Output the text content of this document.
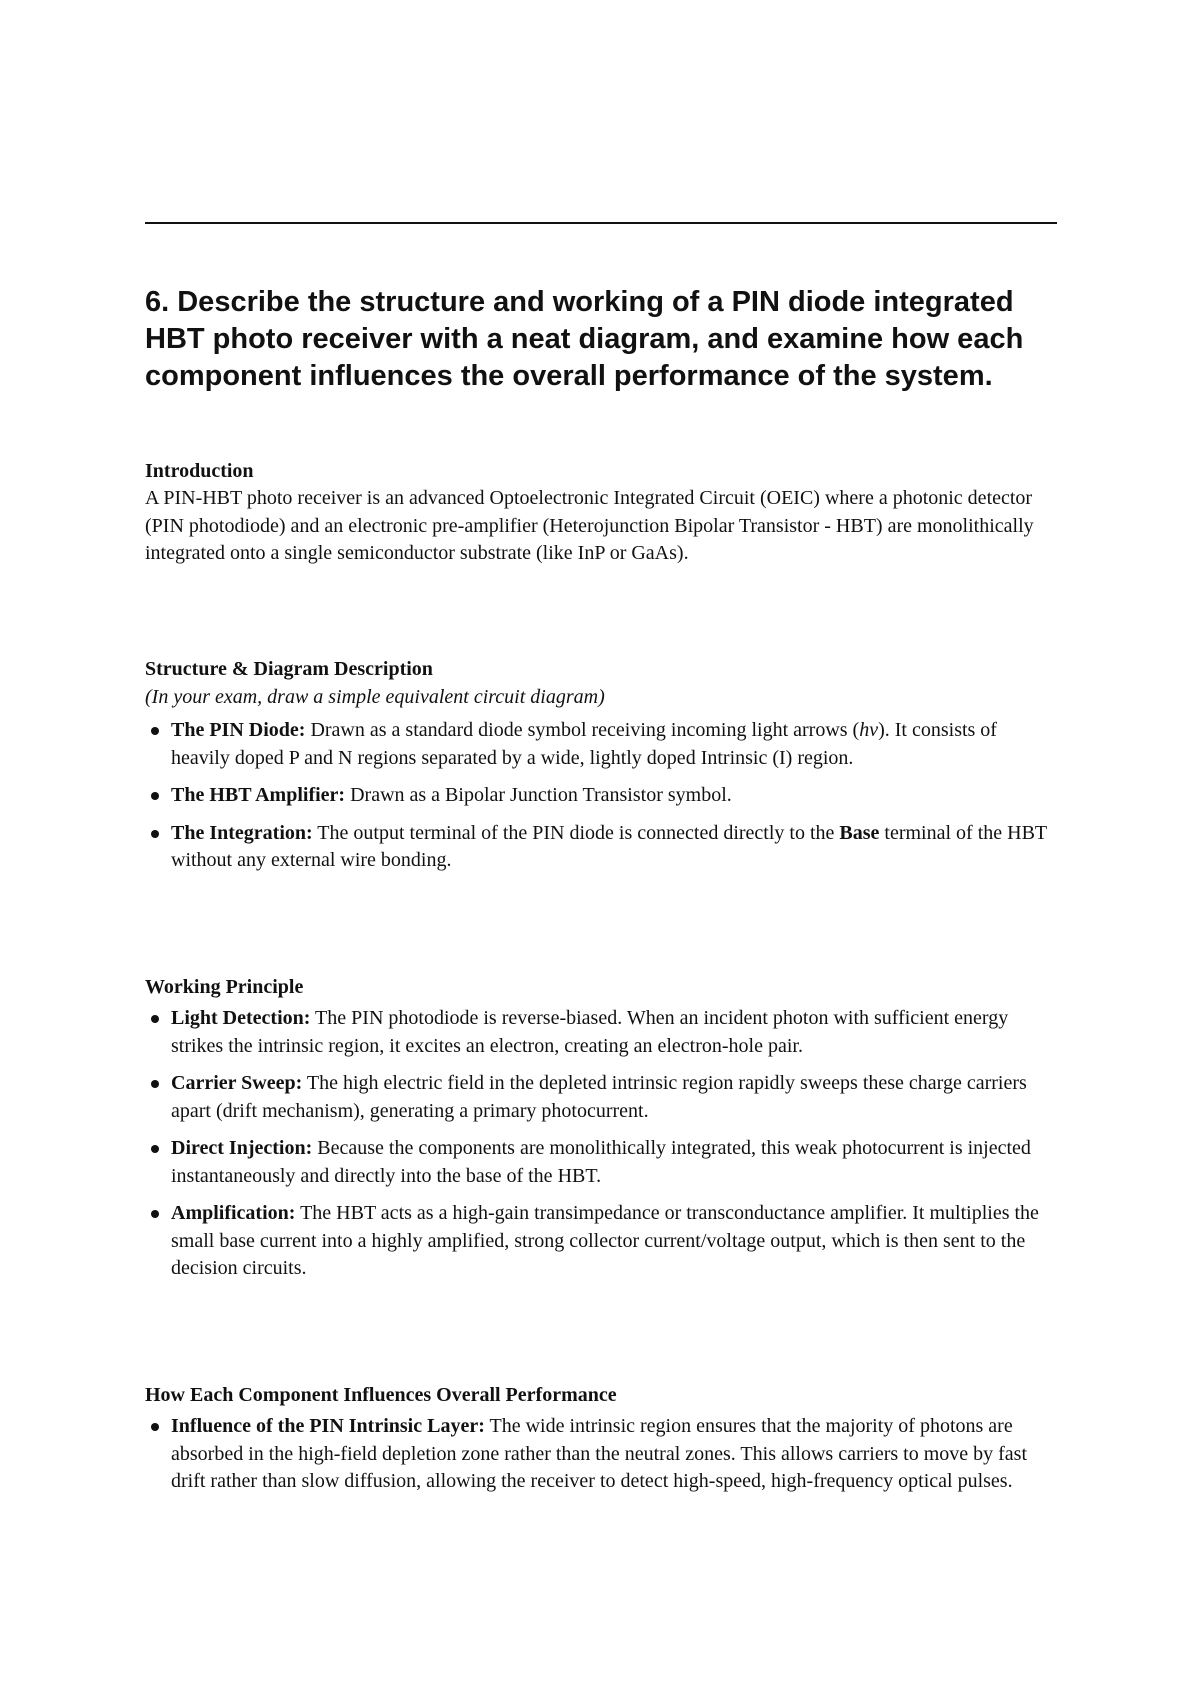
6. Describe the structure and working of a PIN diode integrated HBT photo receiver with a neat diagram, and examine how each component influences the overall performance of the system.

Introduction

A PIN-HBT photo receiver is an advanced Optoelectronic Integrated Circuit (OEIC) where a photonic detector (PIN photodiode) and an electronic pre-amplifier (Heterojunction Bipolar Transistor - HBT) are monolithically integrated onto a single semiconductor substrate (like InP or GaAs).

Structure & Diagram Description

(In your exam, draw a simple equivalent circuit diagram)

The PIN Diode: Drawn as a standard diode symbol receiving incoming light arrows (hv). It consists of heavily doped P and N regions separated by a wide, lightly doped Intrinsic (I) region.
The HBT Amplifier: Drawn as a Bipolar Junction Transistor symbol.
The Integration: The output terminal of the PIN diode is connected directly to the Base terminal of the HBT without any external wire bonding.

Working Principle

Light Detection: The PIN photodiode is reverse-biased. When an incident photon with sufficient energy strikes the intrinsic region, it excites an electron, creating an electron-hole pair.
Carrier Sweep: The high electric field in the depleted intrinsic region rapidly sweeps these charge carriers apart (drift mechanism), generating a primary photocurrent.
Direct Injection: Because the components are monolithically integrated, this weak photocurrent is injected instantaneously and directly into the base of the HBT.
Amplification: The HBT acts as a high-gain transimpedance or transconductance amplifier. It multiplies the small base current into a highly amplified, strong collector current/voltage output, which is then sent to the decision circuits.

How Each Component Influences Overall Performance

Influence of the PIN Intrinsic Layer: The wide intrinsic region ensures that the majority of photons are absorbed in the high-field depletion zone rather than the neutral zones. This allows carriers to move by fast drift rather than slow diffusion, allowing the receiver to detect high-speed, high-frequency optical pulses.
